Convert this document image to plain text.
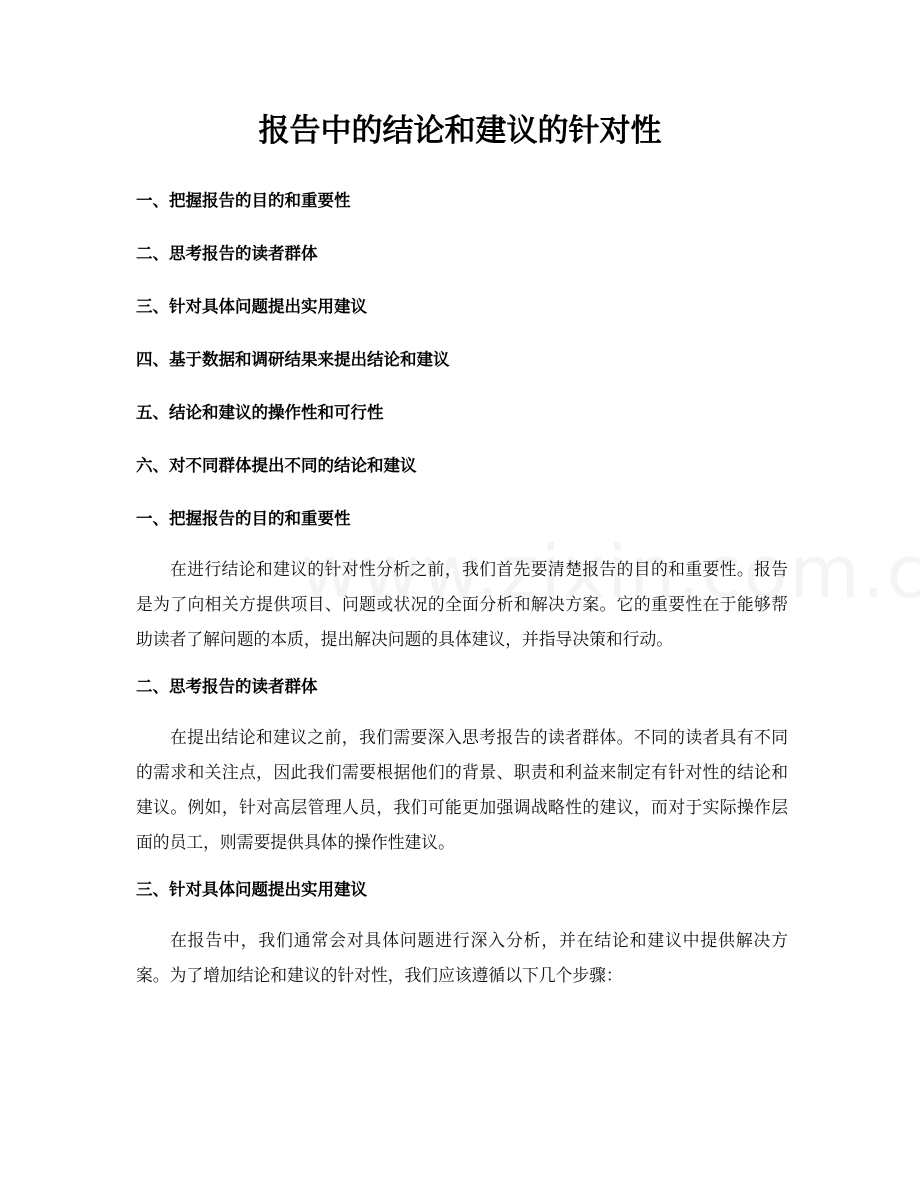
报告中的结论和建议的针对性
一、把握报告的目的和重要性
二、思考报告的读者群体
三、针对具体问题提出实用建议
四、基于数据和调研结果来提出结论和建议
五、结论和建议的操作性和可行性
六、对不同群体提出不同的结论和建议
一、把握报告的目的和重要性

在进行结论和建议的针对性分析之前，我们首先要清楚报告的目的和重要性。报告是为了向相关方提供项目、问题或状况的全面分析和解决方案。它的重要性在于能够帮助读者了解问题的本质，提出解决问题的具体建议，并指导决策和行动。

二、思考报告的读者群体

在提出结论和建议之前，我们需要深入思考报告的读者群体。不同的读者具有不同的需求和关注点，因此我们需要根据他们的背景、职责和利益来制定有针对性的结论和建议。例如，针对高层管理人员，我们可能更加强调战略性的建议，而对于实际操作层面的员工，则需要提供具体的操作性建议。

三、针对具体问题提出实用建议

在报告中，我们通常会对具体问题进行深入分析，并在结论和建议中提供解决方案。为了增加结论和建议的针对性，我们应该遵循以下几个步骤：
